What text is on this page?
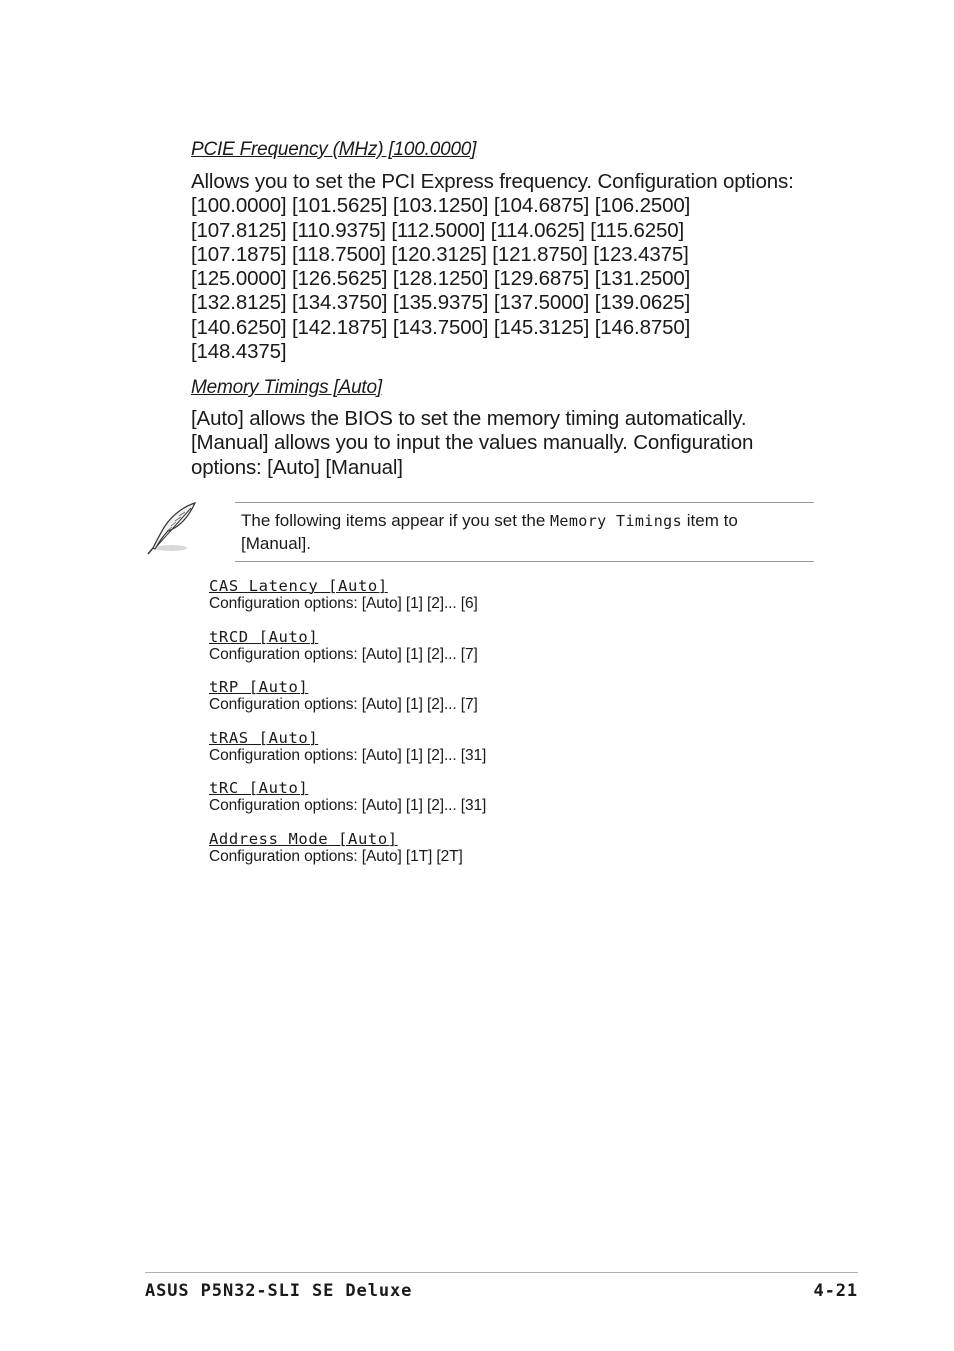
PCIE Frequency (MHz) [100.0000]

Allows you to set the PCI Express frequency. Configuration options:

[100.0000] [101.5625] [103.1250] [104.6875] [106.2500]

[107.8125] [110.9375] [112.5000] [114.0625] [115.6250]

[107.1875] [118.7500] [120.3125] [121.8750] [123.4375]

[125.0000] [126.5625] [128.1250] [129.6875] [131.2500]

[132.8125] [134.3750] [135.9375] [137.5000] [139.0625]

[140.6250] [142.1875] [143.7500] [145.3125] [146.8750]

[148.4375]

Memory Timings [Auto]

[Auto] allows the BIOS to set the memory timing automatically.

[Manual] allows you to input the values manually. Configuration

options: [Auto] [Manual]

The following items appear if you set the Memory Timings item to
[Manual].
CAS Latency [Auto]
Configuration options: [Auto] [1] [2]... [6]
tRCD [Auto]
Configuration options: [Auto] [1] [2]... [7]
tRP [Auto]
Configuration options: [Auto] [1] [2]... [7]
tRAS [Auto]
Configuration options: [Auto] [1] [2]... [31]
tRC [Auto]
Configuration options: [Auto] [1] [2]... [31]
Address Mode [Auto]
Configuration options: [Auto] [1T] [2T]
ASUS P5N32-SLI SE Deluxe	4-21
